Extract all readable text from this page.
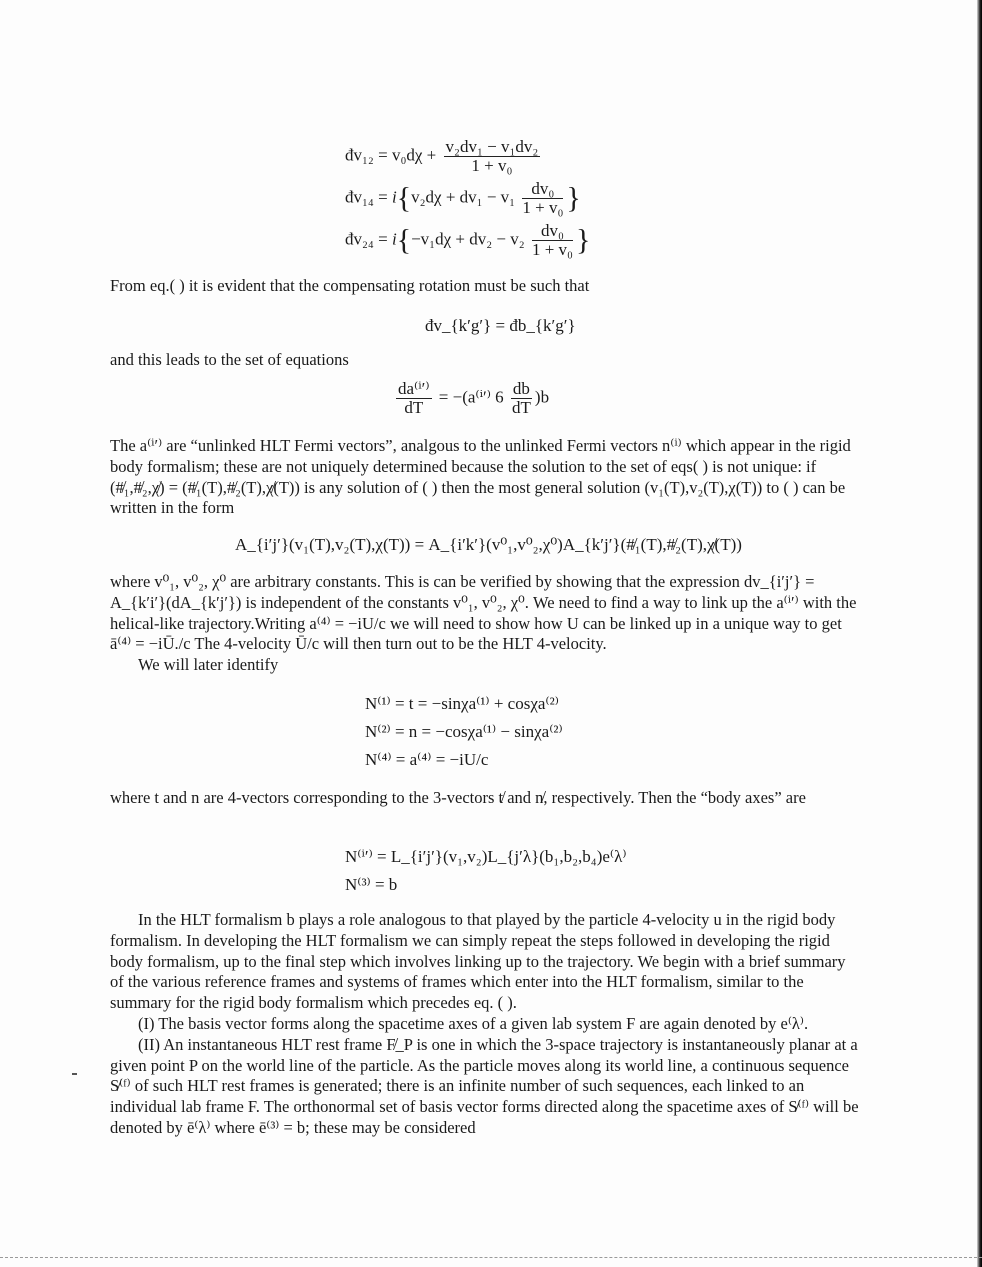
đv₁₂ = $v_0d\chi + \frac{\text{v₂dv₁ − v₁dv₂}}{\text{1 + v₀}}$
đv₁₄ = $i\{v_2d\chi + dv_1 - v_1 \frac{\text{dv₀}}{\text{1 + v₀}}$ }
đv₂₄ = $i\{-v_1d\chi + dv_2 - v_2 \frac{\text{dv₀}}{\text{1 + v₀}}$ }

From eq.( ) it is evident that the compensating rotation must be such that

đv_{k′g′} = đb_{k′g′}

and this leads to the set of equations

$\frac{\text{da⁽ⁱ′⁾}}{dT} = -(a^{(i}'^)$ $6 \frac{db}{dT} )b$

The a⁽ⁱ′⁾ are “unlinked HLT Fermi vectors”, analgous to the unlinked Fermi vectors n⁽ⁱ⁾ which appear in the rigid body formalism; these are not uniquely determined because the solution to the set of eqs( ) is not unique: if (#̸₁,#̸₂,χ̸) = (#̸₁(T),#̸₂(T),χ̸(T)) is any solution of ( ) then the most general solution (v₁(T),v₂(T),χ(T)) to ( ) can be written in the form

A_{i′j′}(v₁(T),v₂(T),χ(T)) = A_{i′k′}(v⁰₁,v⁰₂,χ⁰)A_{k′j′}(#̸₁(T),#̸₂(T),χ̸(T))

where v⁰₁, v⁰₂, χ⁰ are arbitrary constants. This is can be verified by showing that the expression dv_{i′j′} = A_{k′i′}(dA_{k′j′}) is independent of the constants v⁰₁, v⁰₂, χ⁰. We need to find a way to link up the a⁽ⁱ′⁾ with the helical-like trajectory.Writing a⁽⁴⁾ = −iU/c we will need to show how U can be linked up in a unique way to get ā⁽⁴⁾ = −iŪ./c The 4-velocity Ū/c will then turn out to be the HLT 4-velocity.

We will later identify

N⁽¹⁾ = t = −sinχa⁽¹⁾ + cosχa⁽²⁾
N⁽²⁾ = n = −cosχa⁽¹⁾ − sinχa⁽²⁾
N⁽⁴⁾ = a⁽⁴⁾ = −iU/c

where t and n are 4-vectors corresponding to the 3-vectors t̸ and n̸, respectively. Then the “body axes” are

N⁽ⁱ′⁾ = L_{i′j′}(v₁,v₂)L_{j′λ}(b₁,b₂,b₄)e⁽λ⁾
N⁽³⁾ = b

In the HLT formalism b plays a role analogous to that played by the particle 4-velocity u in the rigid body formalism. In developing the HLT formalism we can simply repeat the steps followed in developing the rigid body formalism, up to the final step which involves linking up to the trajectory. We begin with a brief summary of the various reference frames and systems of frames which enter into the HLT formalism, similar to the summary for the rigid body formalism which precedes eq. ( ).

(I) The basis vector forms along the spacetime axes of a given lab system F are again denoted by e⁽λ⁾.

(II) An instantaneous HLT rest frame F̸_P is one in which the 3-space trajectory is instantaneously planar at a given point P on the world line of the particle. As the particle moves along its world line, a continuous sequence S̸⁽ᶠ⁾ of such HLT rest frames is generated; there is an infinite number of such sequences, each linked to an individual lab frame F. The orthonormal set of basis vector forms directed along the spacetime axes of S̸⁽ᶠ⁾ will be denoted by ē⁽λ⁾ where ē⁽³⁾ = b; these may be considered
